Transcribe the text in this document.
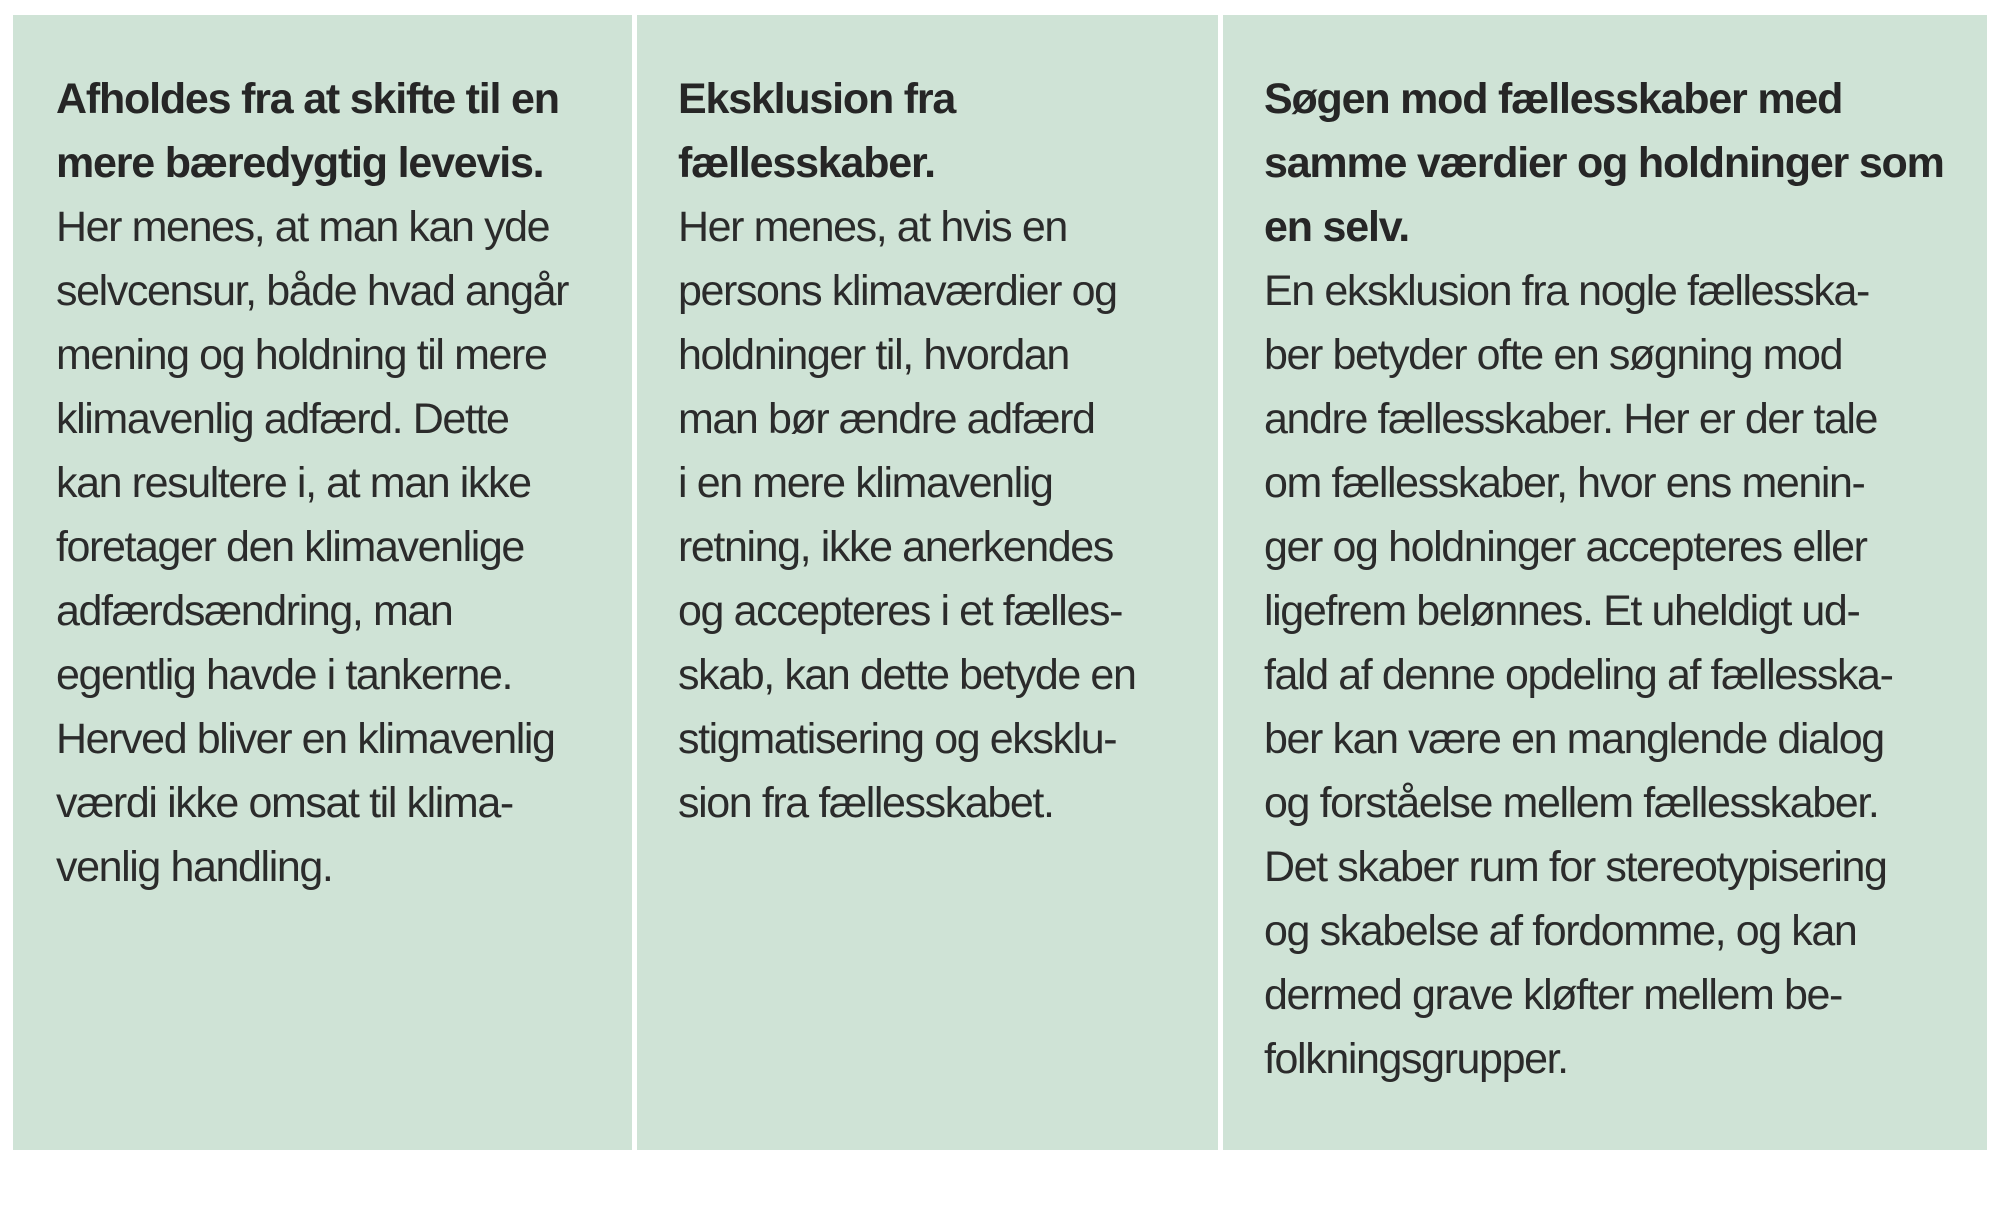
Afholdes fra at skifte til en
mere bæredygtig levevis.

Her menes, at man kan yde
selvcensur, både hvad angår
mening og holdning til mere
klimavenlig adfærd. Dette
kan resultere i, at man ikke
foretager den klimavenlige
adfærdsændring, man
egentlig havde i tankerne.
Herved bliver en klimavenlig
værdi ikke omsat til klima-
venlig handling.

Eksklusion fra
fællesskaber.

Her menes, at hvis en
persons klimaværdier og
holdninger til, hvordan
man bør ændre adfærd
i en mere klimavenlig
retning, ikke anerkendes
og accepteres i et fælles-
skab, kan dette betyde en
stigmatisering og eksklu-
sion fra fællesskabet.

Søgen mod fællesskaber med
samme værdier og holdninger som
en selv.

En eksklusion fra nogle fællesska-
ber betyder ofte en søgning mod
andre fællesskaber. Her er der tale
om fællesskaber, hvor ens menin-
ger og holdninger accepteres eller
ligefrem belønnes. Et uheldigt ud-
fald af denne opdeling af fællesska-
ber kan være en manglende dialog
og forståelse mellem fællesskaber.
Det skaber rum for stereotypisering
og skabelse af fordomme, og kan
dermed grave kløfter mellem be-
folkningsgrupper.
